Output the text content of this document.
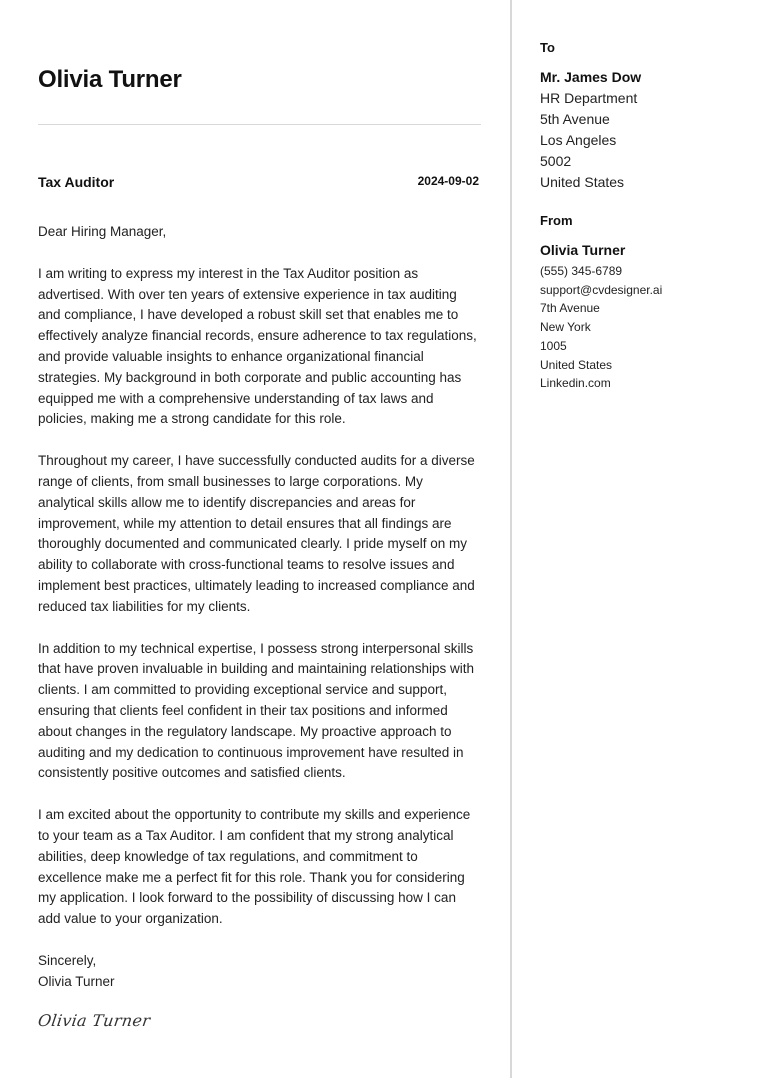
Olivia Turner
Tax Auditor	2024-09-02

Dear Hiring Manager,

I am writing to express my interest in the Tax Auditor position as advertised. With over ten years of extensive experience in tax auditing and compliance, I have developed a robust skill set that enables me to effectively analyze financial records, ensure adherence to tax regulations, and provide valuable insights to enhance organizational financial strategies. My background in both corporate and public accounting has equipped me with a comprehensive understanding of tax laws and policies, making me a strong candidate for this role.

Throughout my career, I have successfully conducted audits for a diverse range of clients, from small businesses to large corporations. My analytical skills allow me to identify discrepancies and areas for improvement, while my attention to detail ensures that all findings are thoroughly documented and communicated clearly. I pride myself on my ability to collaborate with cross-functional teams to resolve issues and implement best practices, ultimately leading to increased compliance and reduced tax liabilities for my clients.

In addition to my technical expertise, I possess strong interpersonal skills that have proven invaluable in building and maintaining relationships with clients. I am committed to providing exceptional service and support, ensuring that clients feel confident in their tax positions and informed about changes in the regulatory landscape. My proactive approach to auditing and my dedication to continuous improvement have resulted in consistently positive outcomes and satisfied clients.

I am excited about the opportunity to contribute my skills and experience to your team as a Tax Auditor. I am confident that my strong analytical abilities, deep knowledge of tax regulations, and commitment to excellence make me a perfect fit for this role. Thank you for considering my application. I look forward to the possibility of discussing how I can add value to your organization.

Sincerely,
Olivia Turner
Olivia Turner
To
Mr. James Dow
HR Department
5th Avenue
Los Angeles
5002
United States
From
Olivia Turner
(555) 345-6789
support@cvdesigner.ai
7th Avenue
New York
1005
United States
Linkedin.com
